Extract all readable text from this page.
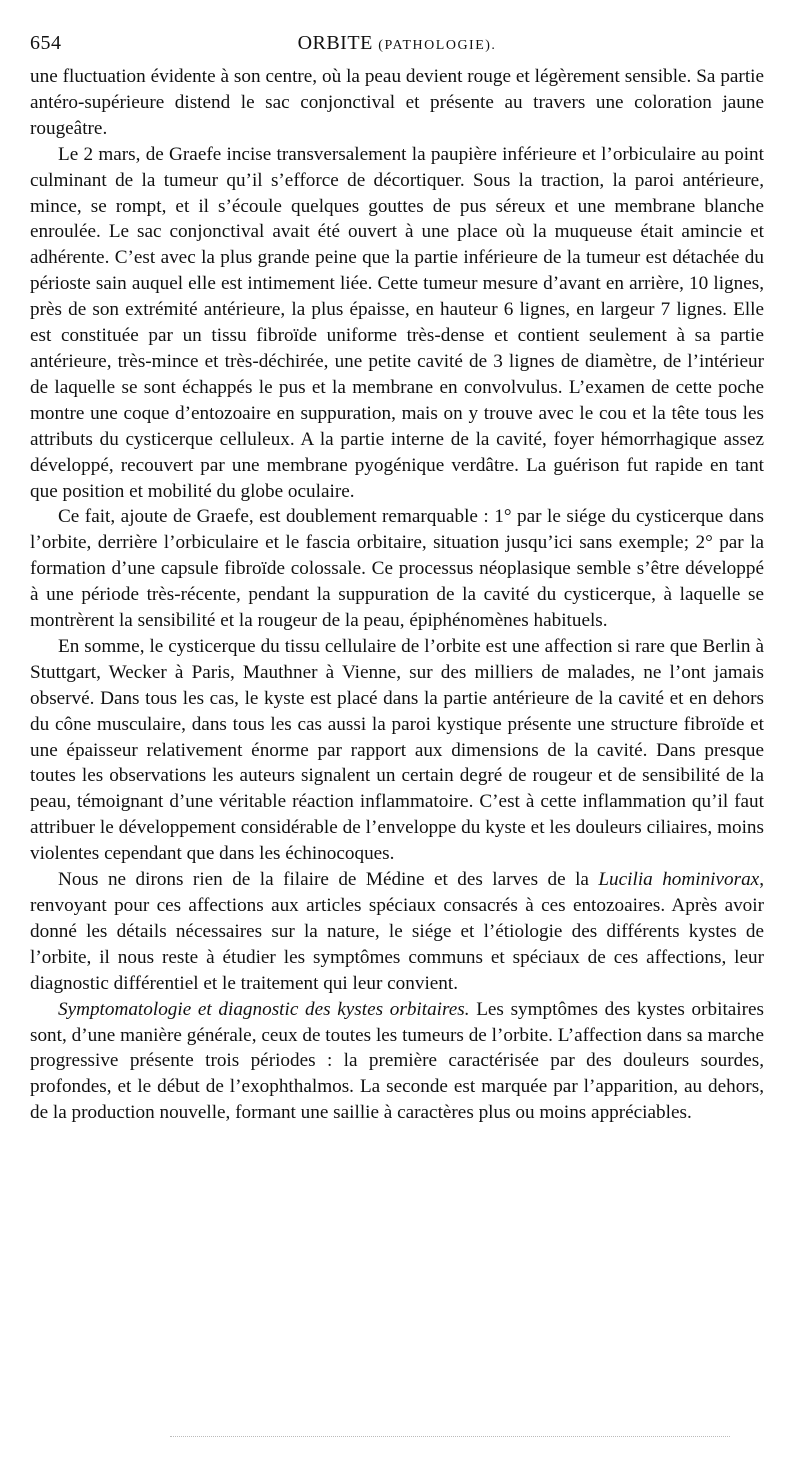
654	ORBITE (PATHOLOGIE).

une fluctuation évidente à son centre, où la peau devient rouge et légèrement sensible. Sa partie antéro-supérieure distend le sac conjonctival et présente au travers une coloration jaune rougeâtre.

Le 2 mars, de Graefe incise transversalement la paupière inférieure et l’orbiculaire au point culminant de la tumeur qu’il s’efforce de décortiquer. Sous la traction, la paroi antérieure, mince, se rompt, et il s’écoule quelques gouttes de pus séreux et une membrane blanche enroulée. Le sac conjonctival avait été ouvert à une place où la muqueuse était amincie et adhérente. C’est avec la plus grande peine que la partie inférieure de la tumeur est détachée du périoste sain auquel elle est intimement liée. Cette tumeur mesure d’avant en arrière, 10 lignes, près de son extrémité antérieure, la plus épaisse, en hauteur 6 lignes, en largeur 7 lignes. Elle est constituée par un tissu fibroïde uniforme très-dense et contient seulement à sa partie antérieure, très-mince et très-déchirée, une petite cavité de 3 lignes de diamètre, de l’intérieur de laquelle se sont échappés le pus et la membrane en convolvulus. L’examen de cette poche montre une coque d’entozoaire en suppuration, mais on y trouve avec le cou et la tête tous les attributs du cysticerque celluleux. A la partie interne de la cavité, foyer hémorrhagique assez développé, recouvert par une membrane pyogénique verdâtre. La guérison fut rapide en tant que position et mobilité du globe oculaire.

Ce fait, ajoute de Graefe, est doublement remarquable : 1° par le siége du cysticerque dans l’orbite, derrière l’orbiculaire et le fascia orbitaire, situation jusqu’ici sans exemple; 2° par la formation d’une capsule fibroïde colossale. Ce processus néoplasique semble s’être développé à une période très-récente, pendant la suppuration de la cavité du cysticerque, à laquelle se montrèrent la sensibilité et la rougeur de la peau, épiphénomènes habituels.

En somme, le cysticerque du tissu cellulaire de l’orbite est une affection si rare que Berlin à Stuttgart, Wecker à Paris, Mauthner à Vienne, sur des milliers de malades, ne l’ont jamais observé. Dans tous les cas, le kyste est placé dans la partie antérieure de la cavité et en dehors du cône musculaire, dans tous les cas aussi la paroi kystique présente une structure fibroïde et une épaisseur relativement énorme par rapport aux dimensions de la cavité. Dans presque toutes les observations les auteurs signalent un certain degré de rougeur et de sensibilité de la peau, témoignant d’une véritable réaction inflammatoire. C’est à cette inflammation qu’il faut attribuer le développement considérable de l’enveloppe du kyste et les douleurs ciliaires, moins violentes cependant que dans les échinocoques.

Nous ne dirons rien de la filaire de Médine et des larves de la Lucilia hominivorax, renvoyant pour ces affections aux articles spéciaux consacrés à ces entozoaires. Après avoir donné les détails nécessaires sur la nature, le siége et l’étiologie des différents kystes de l’orbite, il nous reste à étudier les symptômes communs et spéciaux de ces affections, leur diagnostic différentiel et le traitement qui leur convient.

Symptomatologie et diagnostic des kystes orbitaires. Les symptômes des kystes orbitaires sont, d’une manière générale, ceux de toutes les tumeurs de l’orbite. L’affection dans sa marche progressive présente trois périodes : la première caractérisée par des douleurs sourdes, profondes, et le début de l’exophthalmos. La seconde est marquée par l’apparition, au dehors, de la production nouvelle, formant une saillie à caractères plus ou moins appréciables.
